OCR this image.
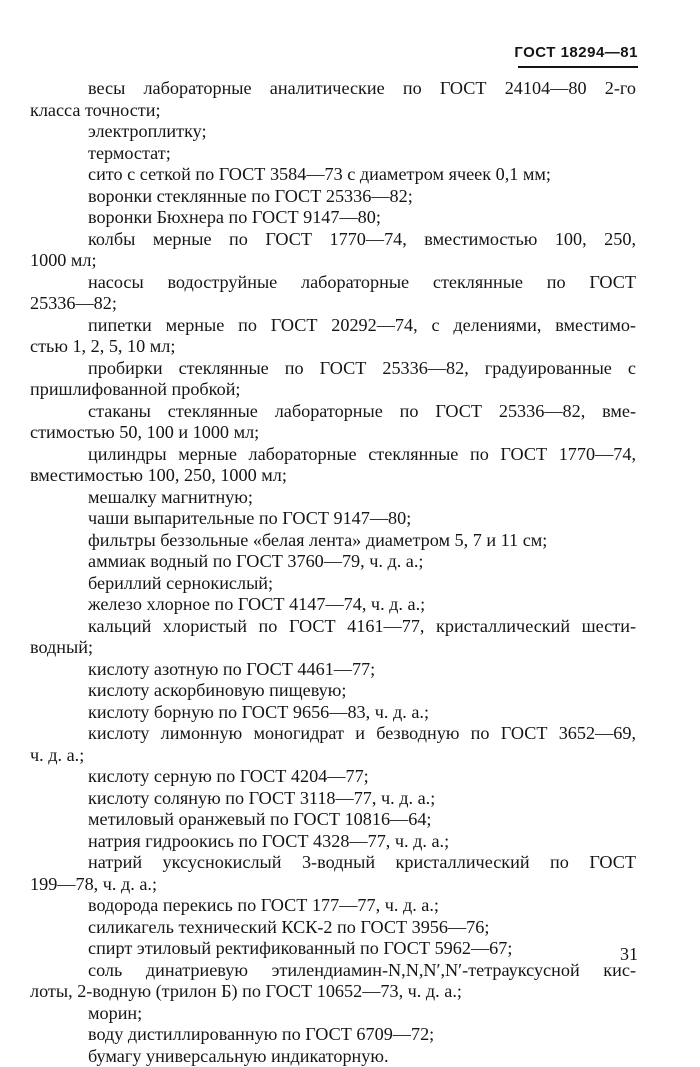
ГОСТ 18294—81
весы лабораторные аналитические по ГОСТ 24104—80 2-го
класса точности;
электроплитку;
термостат;
сито с сеткой по ГОСТ 3584—73 с диаметром ячеек 0,1 мм;
воронки стеклянные по ГОСТ 25336—82;
воронки Бюхнера по ГОСТ 9147—80;
колбы мерные по ГОСТ 1770—74, вместимостью 100, 250,
1000 мл;
насосы водоструйные лабораторные стеклянные по ГОСТ
25336—82;
пипетки мерные по ГОСТ 20292—74, с делениями, вместимо-
стью 1, 2, 5, 10 мл;
пробирки стеклянные по ГОСТ 25336—82, градуированные с
пришлифованной пробкой;
стаканы стеклянные лабораторные по ГОСТ 25336—82, вме-
стимостью 50, 100 и 1000 мл;
цилиндры мерные лабораторные стеклянные по ГОСТ 1770—74,
вместимостью 100, 250, 1000 мл;
мешалку магнитную;
чаши выпарительные по ГОСТ 9147—80;
фильтры беззольные «белая лента» диаметром 5, 7 и 11 см;
аммиак водный по ГОСТ 3760—79, ч. д. а.;
бериллий сернокислый;
железо хлорное по ГОСТ 4147—74, ч. д. а.;
кальций хлористый по ГОСТ 4161—77, кристаллический шести-
водный;
кислоту азотную по ГОСТ 4461—77;
кислоту аскорбиновую пищевую;
кислоту борную по ГОСТ 9656—83, ч. д. а.;
кислоту лимонную моногидрат и безводную по ГОСТ 3652—69,
ч. д. а.;
кислоту серную по ГОСТ 4204—77;
кислоту соляную по ГОСТ 3118—77, ч. д. а.;
метиловый оранжевый по ГОСТ 10816—64;
натрия гидроокись по ГОСТ 4328—77, ч. д. а.;
натрий уксуснокислый 3-водный кристаллический по ГОСТ
199—78, ч. д. а.;
водорода перекись по ГОСТ 177—77, ч. д. а.;
силикагель технический КСК-2 по ГОСТ 3956—76;
спирт этиловый ректификованный по ГОСТ 5962—67;
соль динатриевую этилендиамин-N,N,N′,N′-тетрауксусной кис-
лоты, 2-водную (трилон Б) по ГОСТ 10652—73, ч. д. а.;
морин;
воду дистиллированную по ГОСТ 6709—72;
бумагу универсальную индикаторную.
31
